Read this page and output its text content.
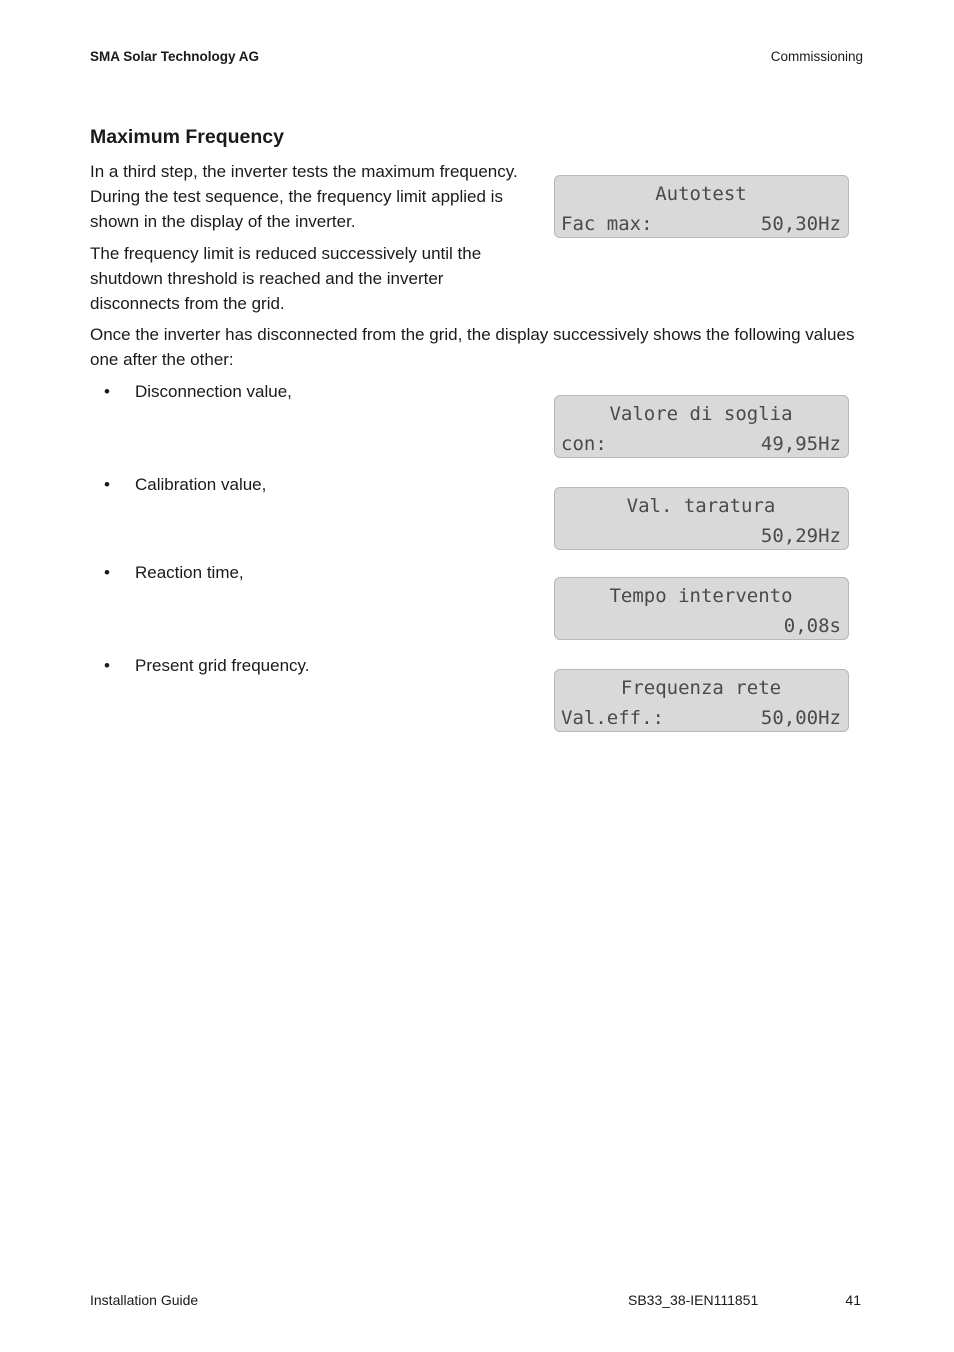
SMA Solar Technology AG	Commissioning
Maximum Frequency

In a third step, the inverter tests the maximum frequency. During the test sequence, the frequency limit applied is shown in the display of the inverter.

The frequency limit is reduced successively until the shutdown threshold is reached and the inverter disconnects from the grid.

Once the inverter has disconnected from the grid, the display successively shows the following values one after the other:

•	Disconnection value,
•	Calibration value,
•	Reaction time,
•	Present grid frequency.
Autotest
Fac max:	50,30Hz
Valore di soglia
con:	49,95Hz
Val. taratura
50,29Hz
Tempo intervento
0,08s
Frequenza rete
Val.eff.:	50,00Hz
Installation Guide	SB33_38-IEN111851	41
